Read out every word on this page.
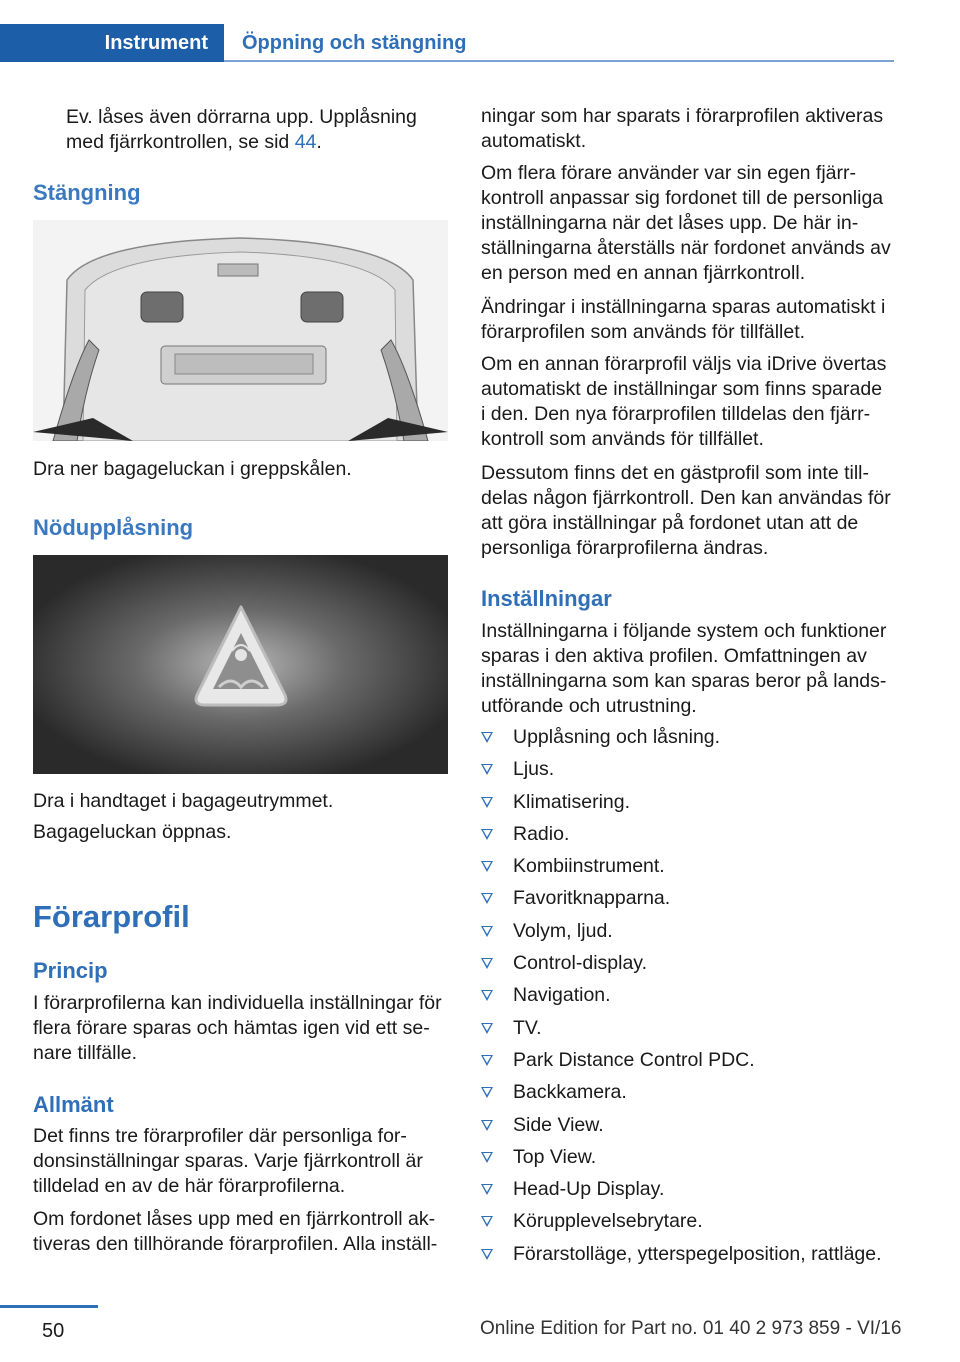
Instrument	Öppning och stängning

Ev. låses även dörrarna upp. Upplåsning

med fjärrkontrollen, se sid 44.

Stängning

Dra ner bagageluckan i greppskålen.

Nödupplåsning

Dra i handtaget i bagageutrymmet.

Bagageluckan öppnas.

Förarprofil
Princip

I förarprofilerna kan individuella inställningar för

flera förare sparas och hämtas igen vid ett se-

nare tillfälle.

Allmänt

Det finns tre förarprofiler där personliga for-

donsinställningar sparas. Varje fjärrkontroll är

tilldelad en av de här förarprofilerna.

Om fordonet låses upp med en fjärrkontroll ak-

tiveras den tillhörande förarprofilen. Alla inställ-

ningar som har sparats i förarprofilen aktiveras

automatiskt.

Om flera förare använder var sin egen fjärr-

kontroll anpassar sig fordonet till de personliga

inställningarna när det låses upp. De här in-

ställningarna återställs när fordonet används av

en person med en annan fjärrkontroll.

Ändringar i inställningarna sparas automatiskt i

förarprofilen som används för tillfället.

Om en annan förarprofil väljs via iDrive övertas

automatiskt de inställningar som finns sparade

i den. Den nya förarprofilen tilldelas den fjärr-

kontroll som används för tillfället.

Dessutom finns det en gästprofil som inte till-

delas någon fjärrkontroll. Den kan användas för

att göra inställningar på fordonet utan att de

personliga förarprofilerna ändras.

Inställningar

Inställningarna i följande system och funktioner

sparas i den aktiva profilen. Omfattningen av

inställningarna som kan sparas beror på lands-

utförande och utrustning.

Upplåsning och låsning.
Ljus.
Klimatisering.
Radio.
Kombiinstrument.
Favoritknapparna.
Volym, ljud.
Control-display.
Navigation.
TV.
Park Distance Control PDC.
Backkamera.
Side View.
Top View.
Head-Up Display.
Körupplevelsebrytare.
Förarstolläge, ytterspegelposition, rattläge.
50	Online Edition for Part no. 01 40 2 973 859 - VI/16
